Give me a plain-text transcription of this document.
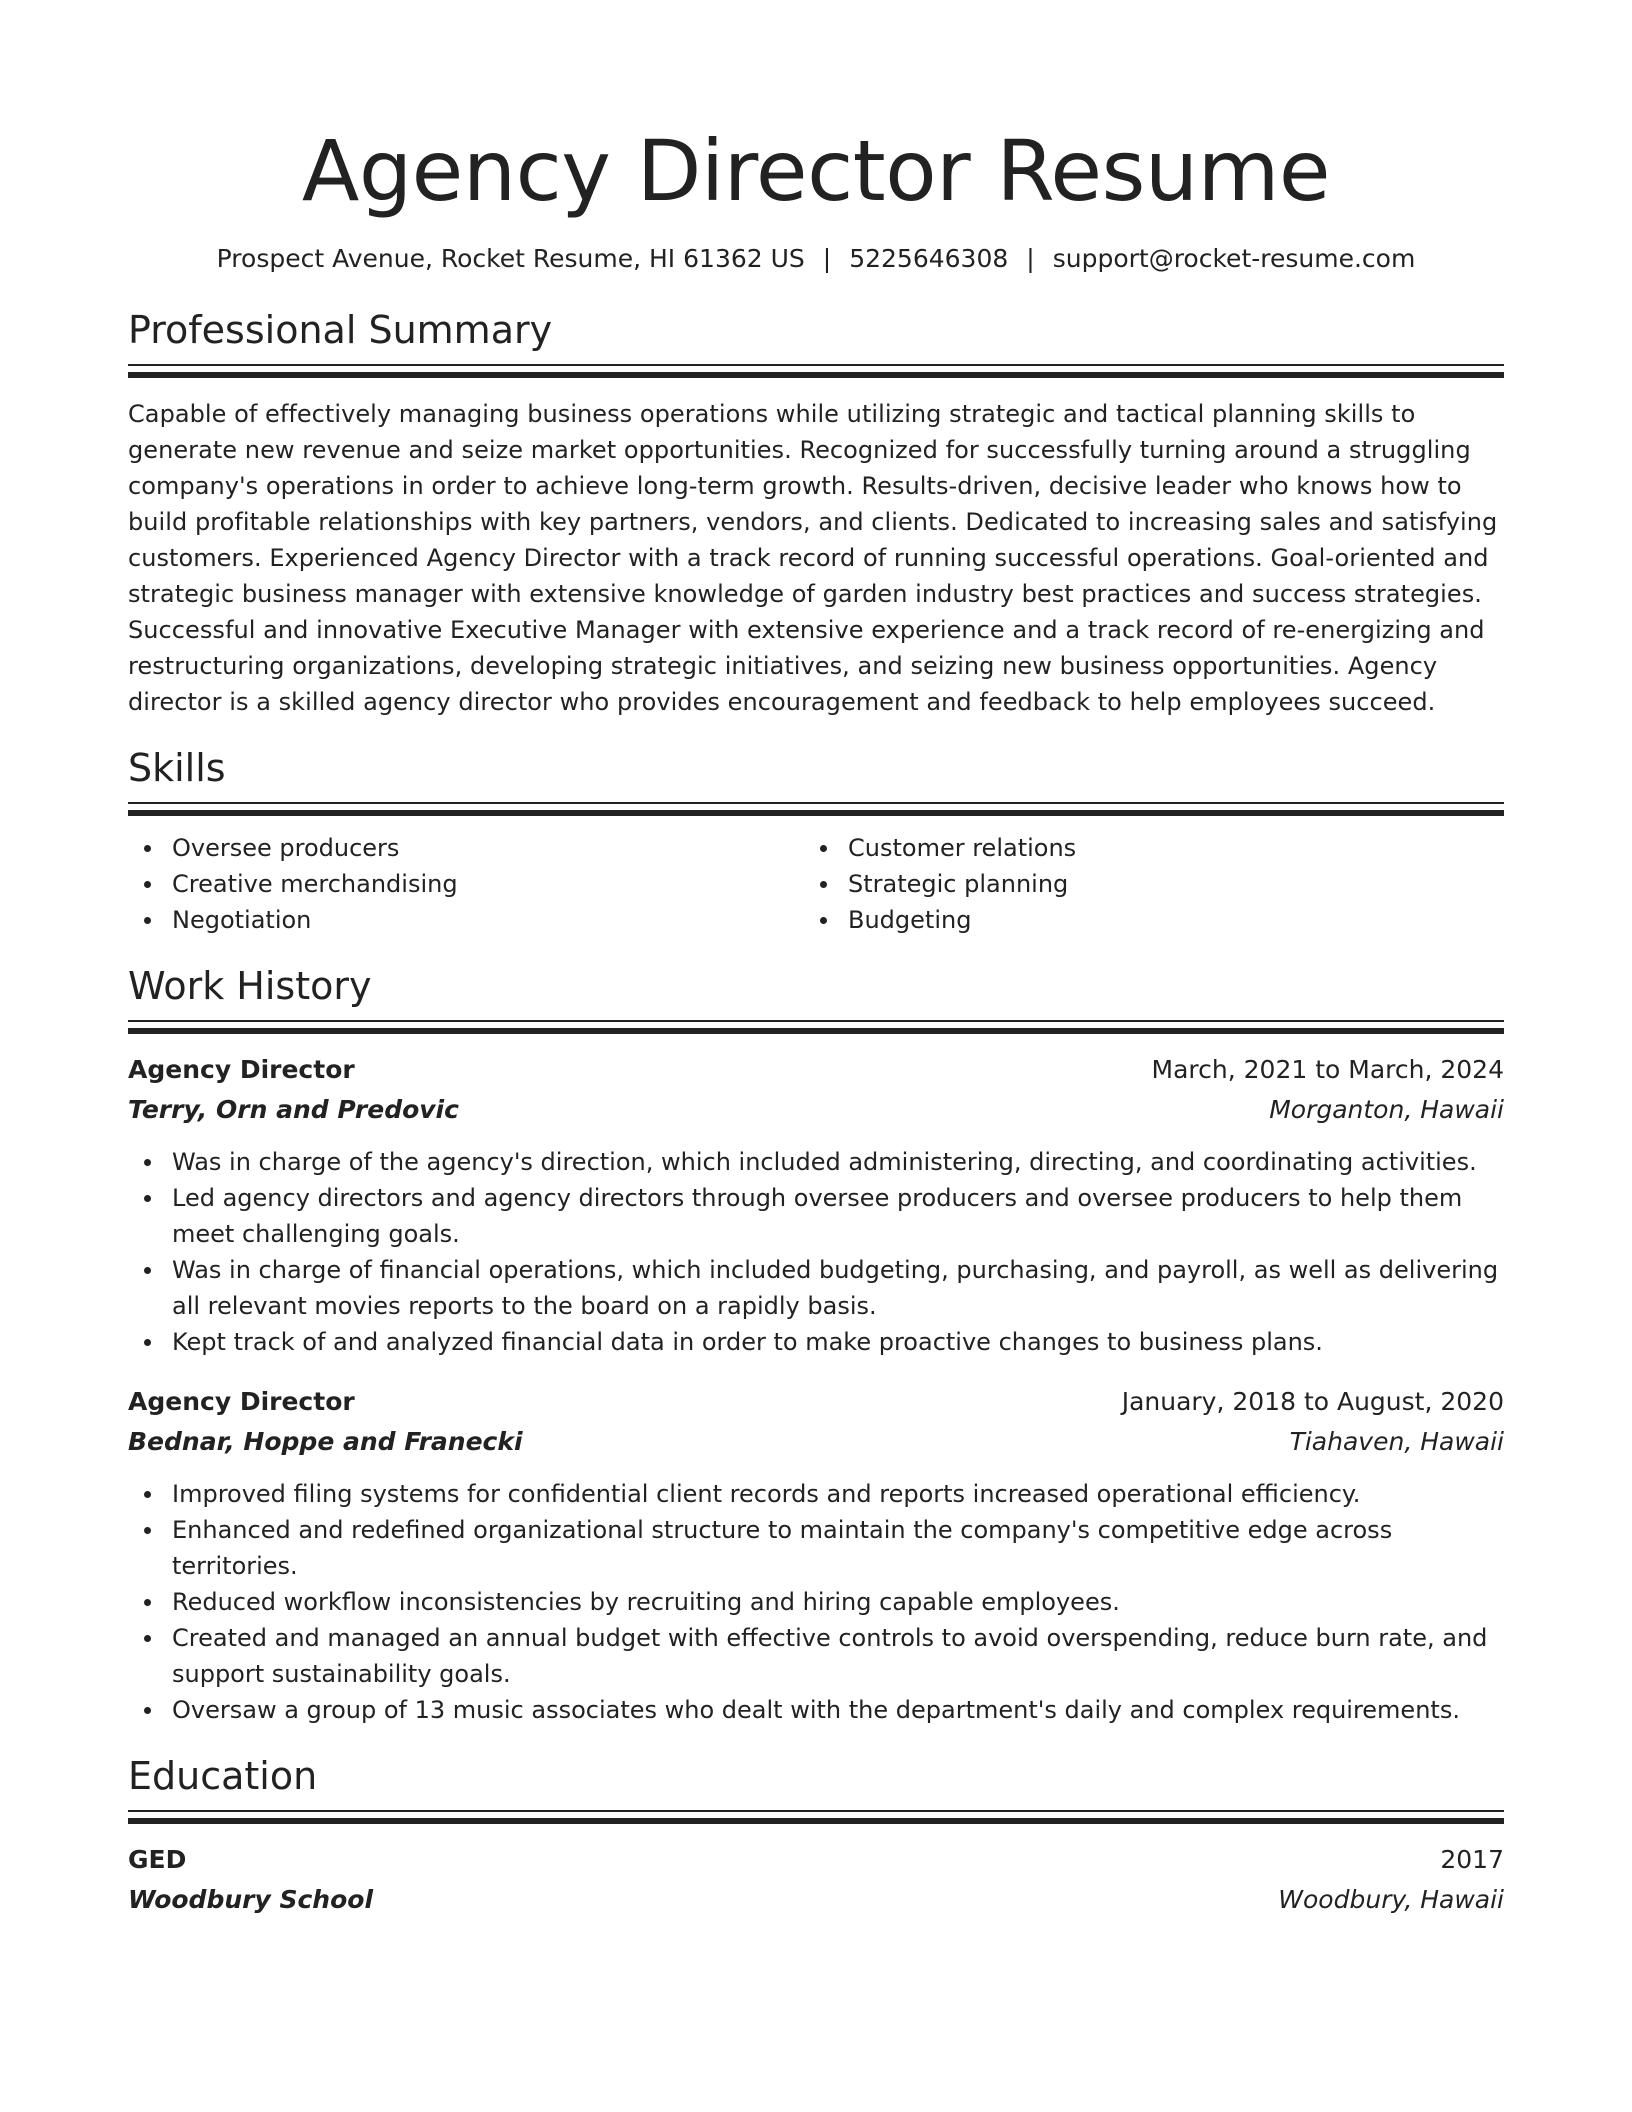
Agency Director Resume
Prospect Avenue, Rocket Resume, HI 61362 US | 5225646308 | support@rocket-resume.com
Professional Summary
Capable of effectively managing business operations while utilizing strategic and tactical planning skills to generate new revenue and seize market opportunities. Recognized for successfully turning around a struggling company's operations in order to achieve long-term growth. Results-driven, decisive leader who knows how to build profitable relationships with key partners, vendors, and clients. Dedicated to increasing sales and satisfying customers. Experienced Agency Director with a track record of running successful operations. Goal-oriented and strategic business manager with extensive knowledge of garden industry best practices and success strategies. Successful and innovative Executive Manager with extensive experience and a track record of re-energizing and restructuring organizations, developing strategic initiatives, and seizing new business opportunities. Agency director is a skilled agency director who provides encouragement and feedback to help employees succeed.
Skills
Oversee producers
Creative merchandising
Negotiation
Customer relations
Strategic planning
Budgeting
Work History
Agency Director	March, 2021 to March, 2024
Terry, Orn and Predovic	Morganton, Hawaii
Was in charge of the agency's direction, which included administering, directing, and coordinating activities.
Led agency directors and agency directors through oversee producers and oversee producers to help them meet challenging goals.
Was in charge of financial operations, which included budgeting, purchasing, and payroll, as well as delivering all relevant movies reports to the board on a rapidly basis.
Kept track of and analyzed financial data in order to make proactive changes to business plans.
Agency Director	January, 2018 to August, 2020
Bednar, Hoppe and Franecki	Tiahaven, Hawaii
Improved filing systems for confidential client records and reports increased operational efficiency.
Enhanced and redefined organizational structure to maintain the company's competitive edge across territories.
Reduced workflow inconsistencies by recruiting and hiring capable employees.
Created and managed an annual budget with effective controls to avoid overspending, reduce burn rate, and support sustainability goals.
Oversaw a group of 13 music associates who dealt with the department's daily and complex requirements.
Education
GED	2017
Woodbury School	Woodbury, Hawaii
